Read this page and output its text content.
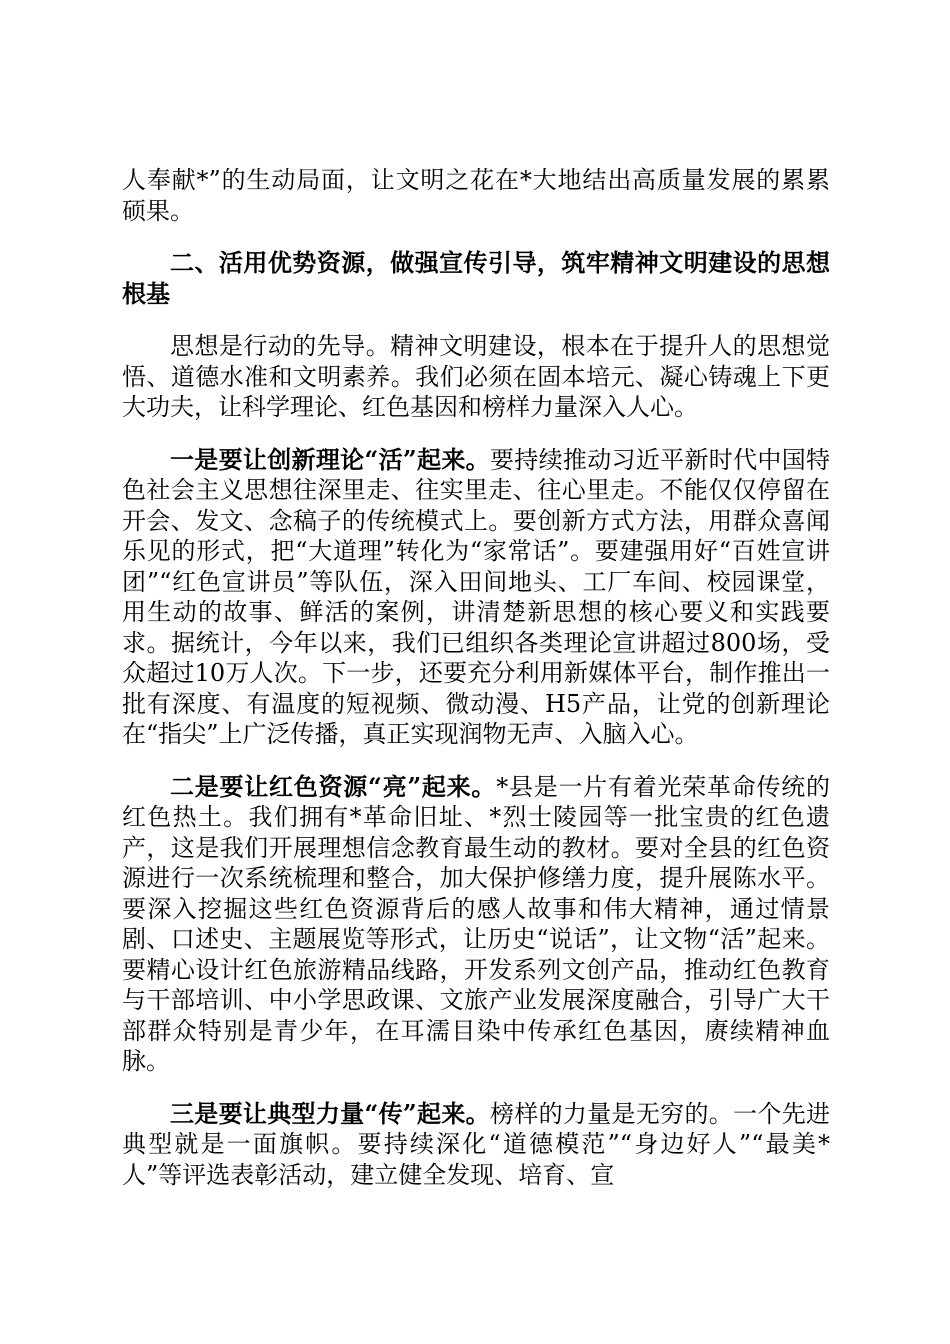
人奉献*”的生动局面，让文明之花在*大地结出高质量发展的累累硕果。

二、活用优势资源，做强宣传引导，筑牢精神文明建设的思想根基

思想是行动的先导。精神文明建设，根本在于提升人的思想觉悟、道德水准和文明素养。我们必须在固本培元、凝心铸魂上下更大功夫，让科学理论、红色基因和榜样力量深入人心。

一是要让创新理论“活”起来。要持续推动习近平新时代中国特色社会主义思想往深里走、往实里走、往心里走。不能仅仅停留在开会、发文、念稿子的传统模式上。要创新方式方法，用群众喜闻乐见的形式，把“大道理”转化为“家常话”。要建强用好“百姓宣讲团”“红色宣讲员”等队伍，深入田间地头、工厂车间、校园课堂，用生动的故事、鲜活的案例，讲清楚新思想的核心要义和实践要求。据统计，今年以来，我们已组织各类理论宣讲超过800场，受众超过10万人次。下一步，还要充分利用新媒体平台，制作推出一批有深度、有温度的短视频、微动漫、H5产品，让党的创新理论在“指尖”上广泛传播，真正实现润物无声、入脑入心。

二是要让红色资源“亮”起来。*县是一片有着光荣革命传统的红色热土。我们拥有*革命旧址、*烈士陵园等一批宝贵的红色遗产，这是我们开展理想信念教育最生动的教材。要对全县的红色资源进行一次系统梳理和整合，加大保护修缮力度，提升展陈水平。要深入挖掘这些红色资源背后的感人故事和伟大精神，通过情景剧、口述史、主题展览等形式，让历史“说话”，让文物“活”起来。要精心设计红色旅游精品线路，开发系列文创产品，推动红色教育与干部培训、中小学思政课、文旅产业发展深度融合，引导广大干部群众特别是青少年，在耳濡目染中传承红色基因，赓续精神血脉。

三是要让典型力量“传”起来。榜样的力量是无穷的。一个先进典型就是一面旗帜。要持续深化“道德模范”“身边好人”“最美*人”等评选表彰活动，建立健全发现、培育、宣
